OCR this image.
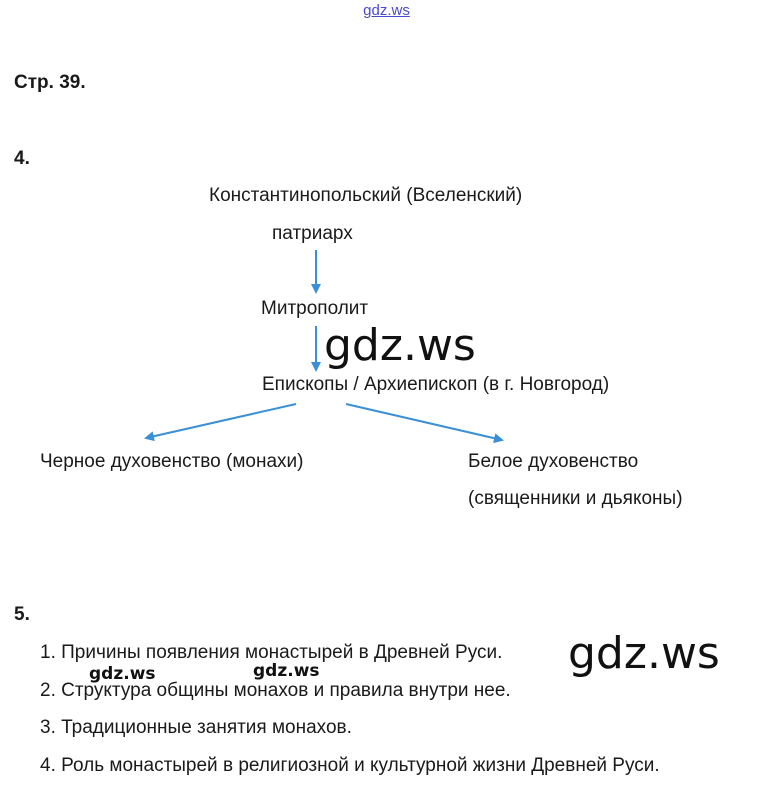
gdz.ws
Стр. 39.
4.
Константинопольский (Вселенский)
патриарх
Митрополит
Епископы / Архиепископ (в г. Новгород)
Черное духовенство (монахи)	Белое духовенство
(священники и дьяконы)
gdz.ws
5.
1. Причины появления монастырей в Древней Руси.
2. Структура общины монахов и правила внутри нее.
3. Традиционные занятия монахов.
4. Роль монастырей в религиозной и культурной жизни Древней Руси.
gdz.ws
gdz.ws	gdz.ws
